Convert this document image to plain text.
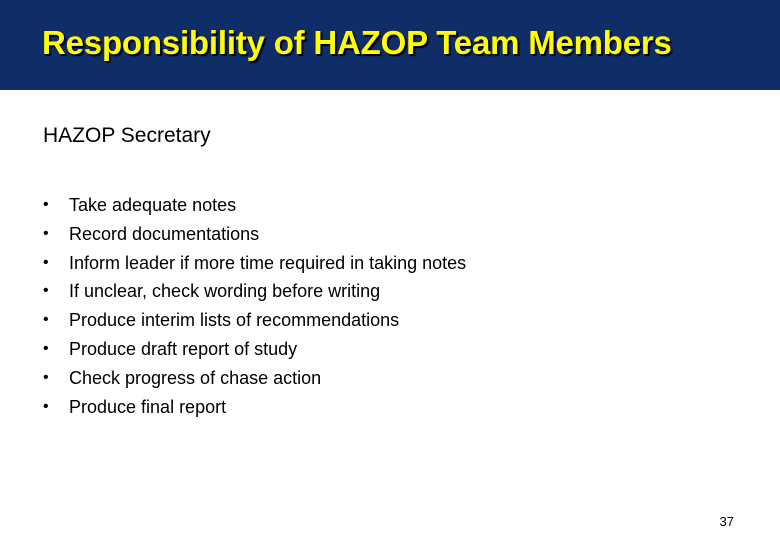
Responsibility of HAZOP Team Members
HAZOP Secretary
•	Take adequate notes
•	Record documentations
•	Inform leader if more time required in taking notes
•	If unclear, check wording before writing
•	Produce interim lists of recommendations
•	Produce draft report of study
•	Check progress of chase action
•	Produce final report
37
